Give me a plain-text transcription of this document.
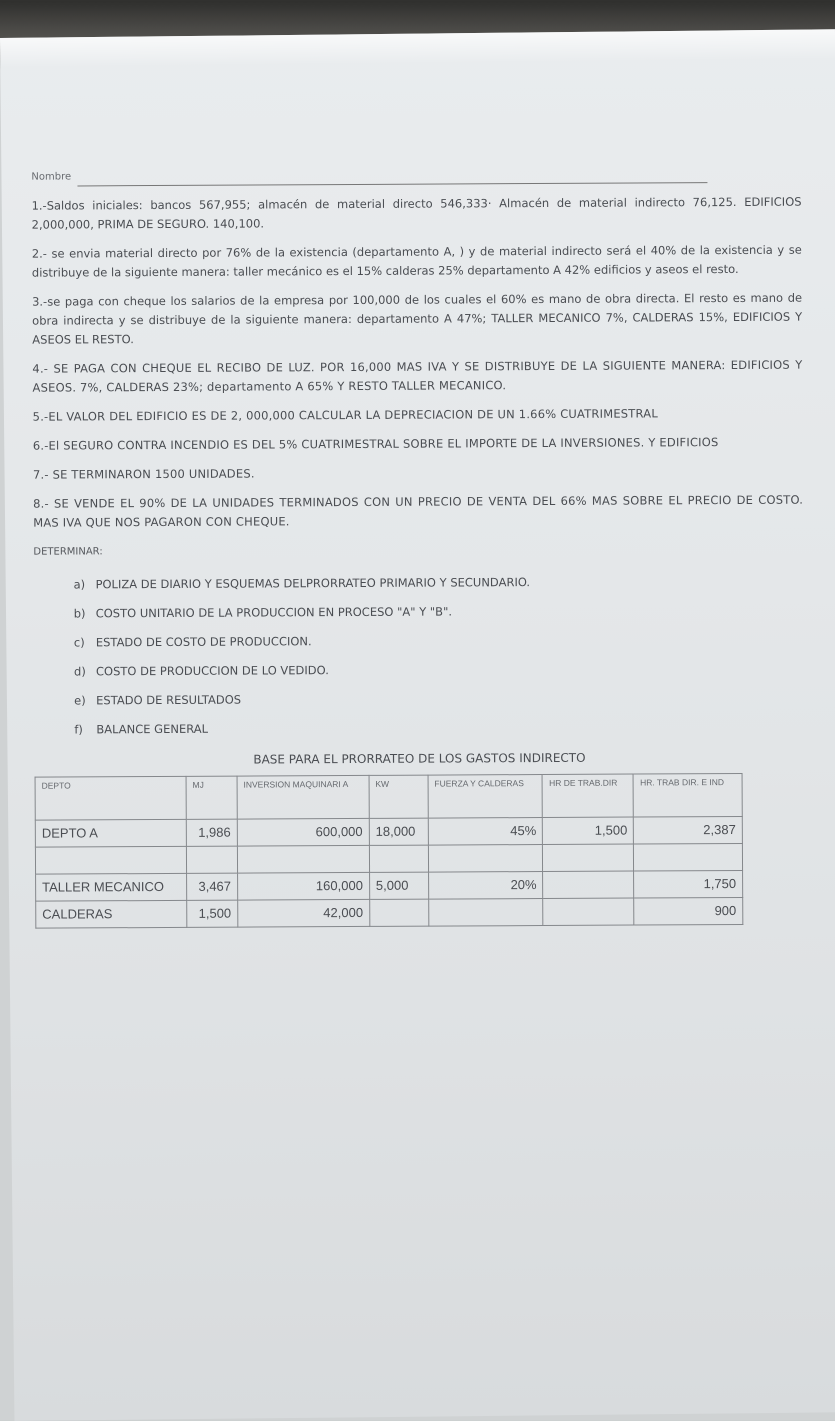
Nombre

1.-Saldos iniciales: bancos 567,955; almacén de material directo 546,333· Almacén de material indirecto 76,125. EDIFICIOS 2,000,000, PRIMA DE SEGURO. 140,100.

2.- se envia material directo por 76% de la existencia (departamento A, ) y de material indirecto será el 40% de la existencia y se distribuye de la siguiente manera: taller mecánico es el 15% calderas 25% departamento A 42% edificios y aseos el resto.

3.-se paga con cheque los salarios de la empresa por 100,000 de los cuales el 60% es mano de obra directa. El resto es mano de obra indirecta y se distribuye de la siguiente manera: departamento A 47%; TALLER MECANICO 7%, CALDERAS 15%, EDIFICIOS Y ASEOS EL RESTO.

4.- SE PAGA CON CHEQUE EL RECIBO DE LUZ. POR 16,000 MAS IVA Y SE DISTRIBUYE DE LA SIGUIENTE MANERA: EDIFICIOS Y ASEOS. 7%, CALDERAS 23%; departamento A 65% Y RESTO TALLER MECANICO.

5.-EL VALOR DEL EDIFICIO ES DE 2, 000,000 CALCULAR LA DEPRECIACION DE UN 1.66% CUATRIMESTRAL

6.-El SEGURO CONTRA INCENDIO ES DEL 5% CUATRIMESTRAL SOBRE EL IMPORTE DE LA INVERSIONES. Y EDIFICIOS

7.- SE TERMINARON 1500 UNIDADES.

8.- SE VENDE EL 90% DE LA UNIDADES TERMINADOS CON UN PRECIO DE VENTA DEL 66% MAS SOBRE EL PRECIO DE COSTO. MAS IVA QUE NOS PAGARON CON CHEQUE.

DETERMINAR:
a) POLIZA DE DIARIO Y ESQUEMAS DELPRORRATEO PRIMARIO Y SECUNDARIO.
b) COSTO UNITARIO DE LA PRODUCCION EN PROCESO "A" Y "B".
c) ESTADO DE COSTO DE PRODUCCION.
d) COSTO DE PRODUCCION DE LO VEDIDO.
e) ESTADO DE RESULTADOS
f) BALANCE GENERAL
BASE PARA EL PRORRATEO DE LOS GASTOS INDIRECTO
DEPTO	MJ	INVERSION MAQUINARI A	KW	FUERZA Y CALDERAS	HR DE TRAB.DIR	HR. TRAB DIR. E IND
DEPTO A	1,986	600,000	18,000	45%	1,500	2,387

TALLER MECANICO	3,467	160,000	5,000	20%		1,750
CALDERAS	1,500	42,000				900
